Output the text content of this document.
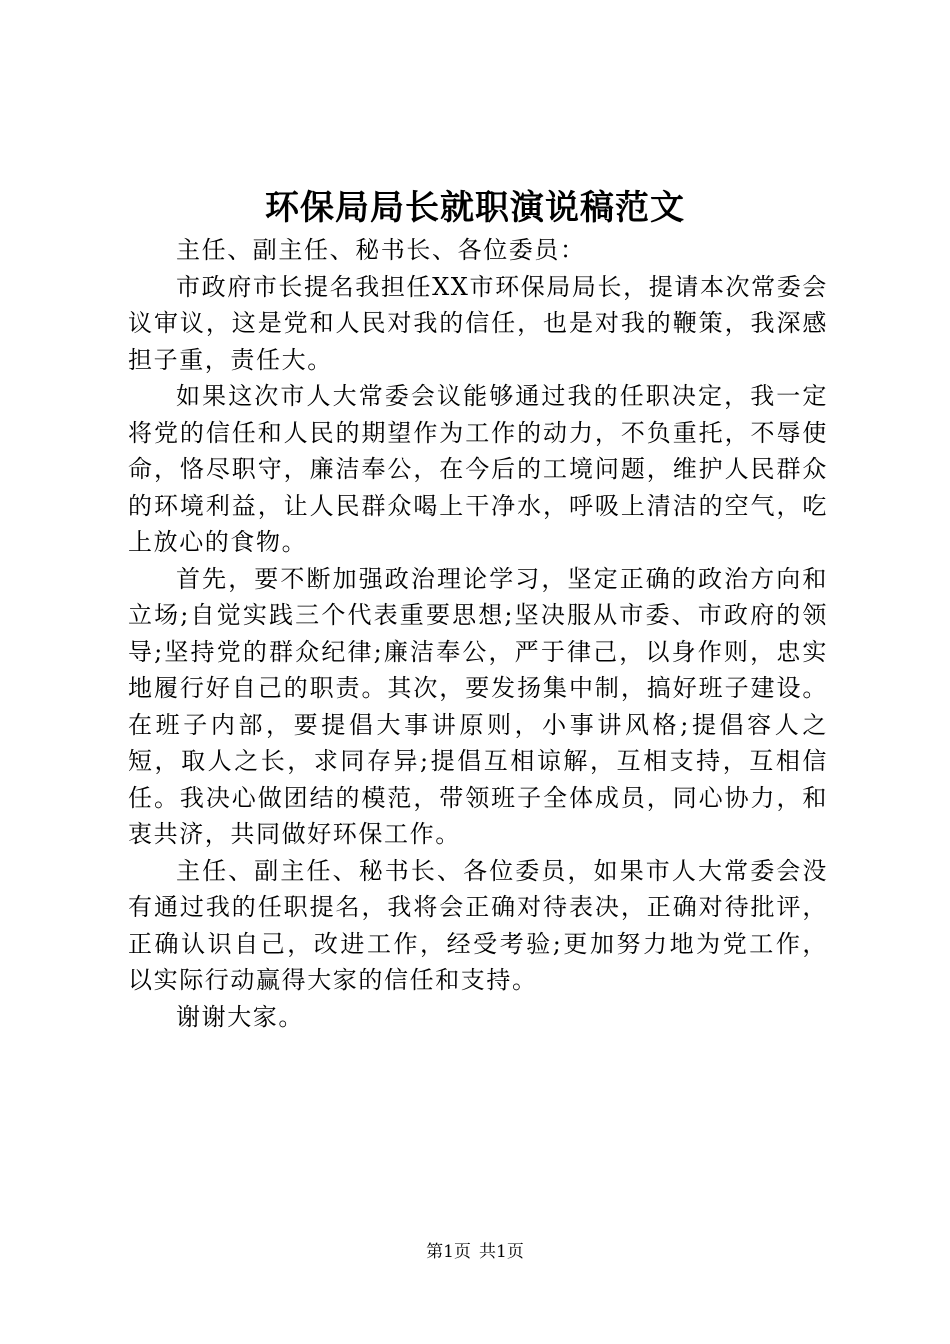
环保局局长就职演说稿范文

主任、副主任、秘书长、各位委员：

市政府市长提名我担任XX市环保局局长，提请本次常委会议审议，这是党和人民对我的信任，也是对我的鞭策，我深感担子重，责任大。

如果这次市人大常委会议能够通过我的任职决定，我一定将党的信任和人民的期望作为工作的动力，不负重托，不辱使命，恪尽职守，廉洁奉公，在今后的工境问题，维护人民群众的环境利益，让人民群众喝上干净水，呼吸上清洁的空气，吃上放心的食物。

首先，要不断加强政治理论学习，坚定正确的政治方向和立场;自觉实践三个代表重要思想;坚决服从市委、市政府的领导;坚持党的群众纪律;廉洁奉公，严于律己，以身作则，忠实地履行好自己的职责。其次，要发扬集中制，搞好班子建设。在班子内部，要提倡大事讲原则，小事讲风格;提倡容人之短，取人之长，求同存异;提倡互相谅解，互相支持，互相信任。我决心做团结的模范，带领班子全体成员，同心协力，和衷共济，共同做好环保工作。

主任、副主任、秘书长、各位委员，如果市人大常委会没有通过我的任职提名，我将会正确对待表决，正确对待批评，正确认识自己，改进工作，经受考验;更加努力地为党工作，以实际行动赢得大家的信任和支持。

谢谢大家。

第1页 共1页
